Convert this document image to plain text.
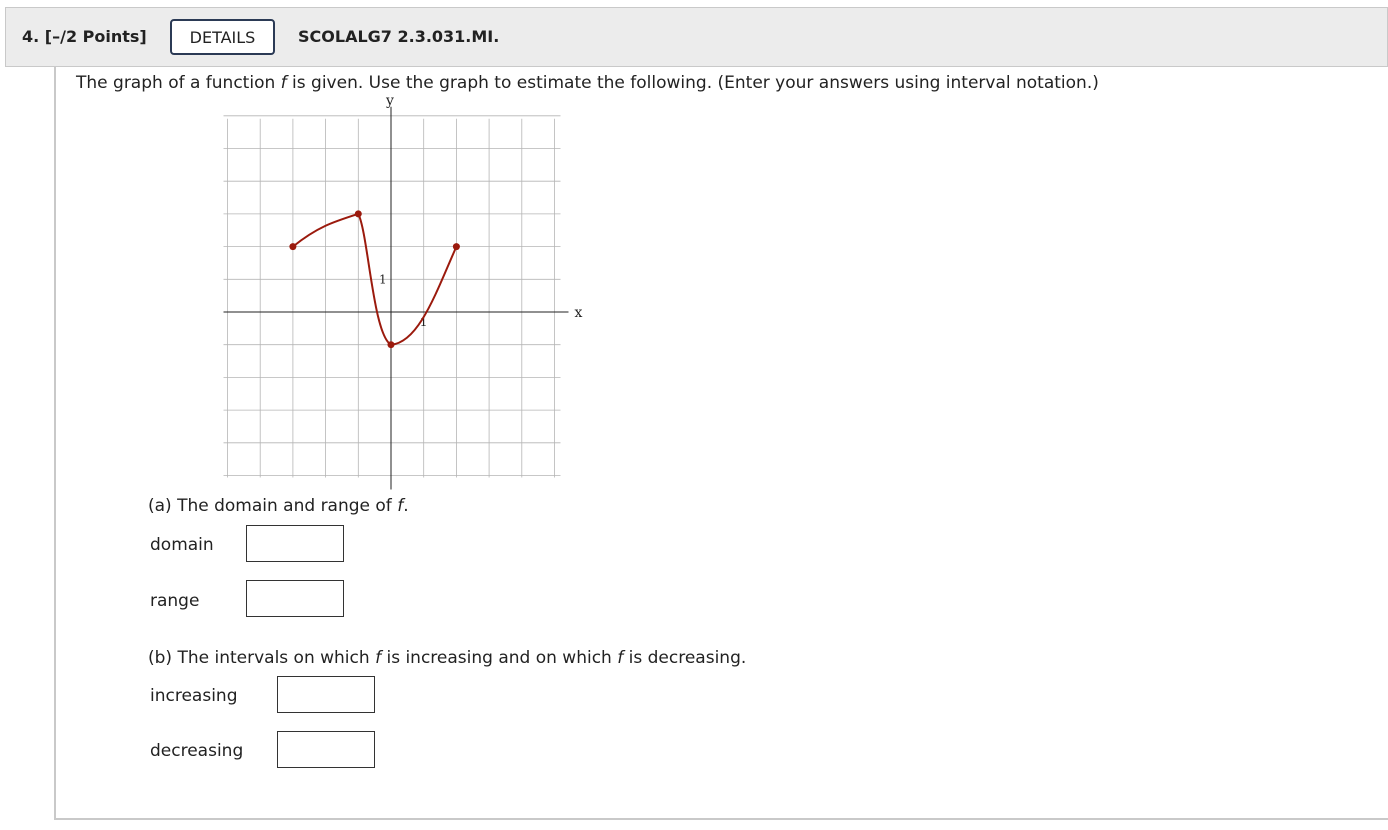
4. [–/2 Points]	DETAILS	SCOLALG7 2.3.031.MI.
The graph of a function f is given. Use the graph to estimate the following. (Enter your answers using interval notation.)
x
y
1
1
(a) The domain and range of f.
domain
range
(b) The intervals on which f is increasing and on which f is decreasing.
increasing
decreasing
